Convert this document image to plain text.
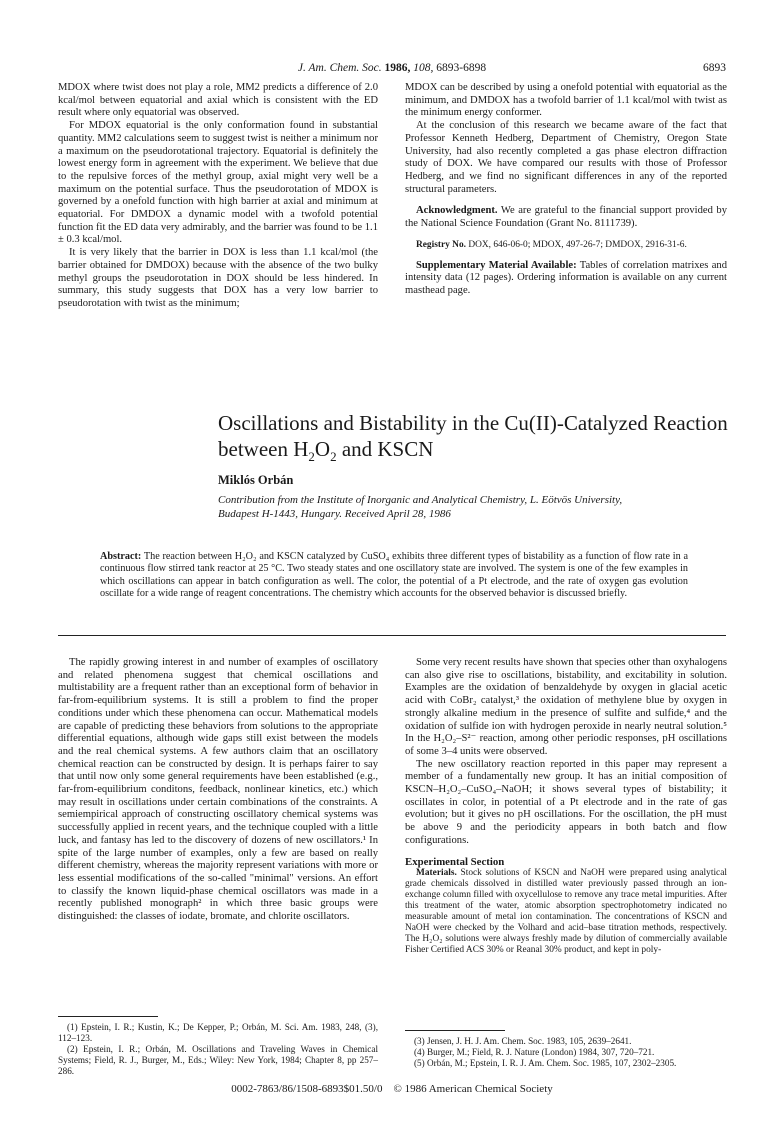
J. Am. Chem. Soc. 1986, 108, 6893-6898	6893

MDOX where twist does not play a role, MM2 predicts a difference of 2.0 kcal/mol between equatorial and axial which is consistent with the ED result where only equatorial was observed.

For MDOX equatorial is the only conformation found in substantial quantity. MM2 calculations seem to suggest twist is neither a minimum nor a maximum on the pseudorotational trajectory. Equatorial is definitely the lowest energy form in agreement with the experiment. We believe that due to the repulsive forces of the methyl group, axial might very well be a maximum on the potential surface. Thus the pseudorotation of MDOX is governed by a onefold function with high barrier at axial and minimum at equatorial. For DMDOX a dynamic model with a twofold potential function fit the ED data very admirably, and the barrier was found to be 1.1 ± 0.3 kcal/mol.

It is very likely that the barrier in DOX is less than 1.1 kcal/mol (the barrier obtained for DMDOX) because with the absence of the two bulky methyl groups the pseudorotation in DOX should be less hindered. In summary, this study suggests that DOX has a very low barrier to pseudorotation with twist as the minimum;

MDOX can be described by using a onefold potential with equatorial as the minimum, and DMDOX has a twofold barrier of 1.1 kcal/mol with twist as the minimum energy conformer.

At the conclusion of this research we became aware of the fact that Professor Kenneth Hedberg, Department of Chemistry, Oregon State University, had also recently completed a gas phase electron diffraction study of DOX. We have compared our results with those of Professor Hedberg, and we find no significant differences in any of the reported structural parameters.

Acknowledgment. We are grateful to the financial support provided by the National Science Foundation (Grant No. 8111739).

Registry No. DOX, 646-06-0; MDOX, 497-26-7; DMDOX, 2916-31-6.

Supplementary Material Available: Tables of correlation matrixes and intensity data (12 pages). Ordering information is available on any current masthead page.

Oscillations and Bistability in the Cu(II)-Catalyzed Reaction
between $H_2O_2$ and KSCN
Miklós Orbán
Contribution from the Institute of Inorganic and Analytical Chemistry, L. Eötvös University,
Budapest H-1443, Hungary. Received April 28, 1986
Abstract: The reaction between H₂O₂ and KSCN catalyzed by CuSO₄ exhibits three different types of bistability as a function of flow rate in a continuous flow stirred tank reactor at 25 °C. Two steady states and one oscillatory state are involved. The system is one of the few examples in which oscillations can appear in batch configuration as well. The color, the potential of a Pt electrode, and the rate of oxygen gas evolution oscillate for a wide range of reagent concentrations. The chemistry which accounts for the observed behavior is discussed briefly.

The rapidly growing interest in and number of examples of oscillatory and related phenomena suggest that chemical oscillations and multistability are a frequent rather than an exceptional form of behavior in far-from-equilibrium systems. It is still a problem to find the proper conditions under which these phenomena can occur. Mathematical models are capable of predicting these behaviors from solutions to the appropriate differential equations, although wide gaps still exist between the models and the real chemical systems. A few authors claim that an oscillatory chemical reaction can be constructed by design. It is perhaps fairer to say that until now only some general requirements have been established (e.g., far-from-equilibrium conditons, feedback, nonlinear kinetics, etc.) which may result in oscillations under certain combinations of the constraints. A semiempirical approach of constructing oscillatory chemical systems was successfully applied in recent years, and the technique coupled with a little luck, and fantasy has led to the discovery of dozens of new oscillators.¹ In spite of the large number of examples, only a few are based on really different chemistry, whereas the majority represent variations with more or less essential modifications of the so-called "minimal" versions. An effort to classify the known liquid-phase chemical oscillators was made in a recently published monograph² in which three basic groups were distinguished: the classes of iodate, bromate, and chlorite oscillators.

Some very recent results have shown that species other than oxyhalogens can also give rise to oscillations, bistability, and excitability in solution. Examples are the oxidation of benzaldehyde by oxygen in glacial acetic acid with CoBr₂ catalyst,³ the oxidation of methylene blue by oxygen in strongly alkaline medium in the presence of sulfite and sulfide,⁴ and the oxidation of sulfide ion with hydrogen peroxide in nearly neutral solution.⁵ In the H₂O₂–S²⁻ reaction, among other periodic responses, pH oscillations of some 3–4 units were observed.

The new oscillatory reaction reported in this paper may represent a member of a fundamentally new group. It has an initial composition of KSCN–H₂O₂–CuSO₄–NaOH; it shows several types of bistability; it oscillates in color, in potential of a Pt electrode and in the rate of gas evolution; but it gives no pH oscillations. For the oscillation, the pH must be above 9 and the periodicity appears in both batch and flow configurations.

Experimental Section

Materials. Stock solutions of KSCN and NaOH were prepared using analytical grade chemicals dissolved in distilled water previously passed through an ion-exchange column filled with oxycellulose to remove any trace metal impurities. After this treatment of the water, atomic absorption spectrophotometry indicated no measurable amount of metal ion contamination. The concentrations of KSCN and NaOH were checked by the Volhard and acid–base titration methods, respectively. The H₂O₂ solutions were always freshly made by dilution of commercially available Fisher Certified ACS 30% or Reanal 30% product, and kept in poly-

(1) Epstein, I. R.; Kustin, K.; De Kepper, P.; Orbán, M. Sci. Am. 1983, 248, (3), 112–123.
(2) Epstein, I. R.; Orbán, M. Oscillations and Traveling Waves in Chemical Systems; Field, R. J., Burger, M., Eds.; Wiley: New York, 1984; Chapter 8, pp 257–286.
(3) Jensen, J. H. J. Am. Chem. Soc. 1983, 105, 2639–2641.
(4) Burger, M.; Field, R. J. Nature (London) 1984, 307, 720–721.
(5) Orbán, M.; Epstein, I. R. J. Am. Chem. Soc. 1985, 107, 2302–2305.
0002-7863/86/1508-6893$01.50/0 © 1986 American Chemical Society
